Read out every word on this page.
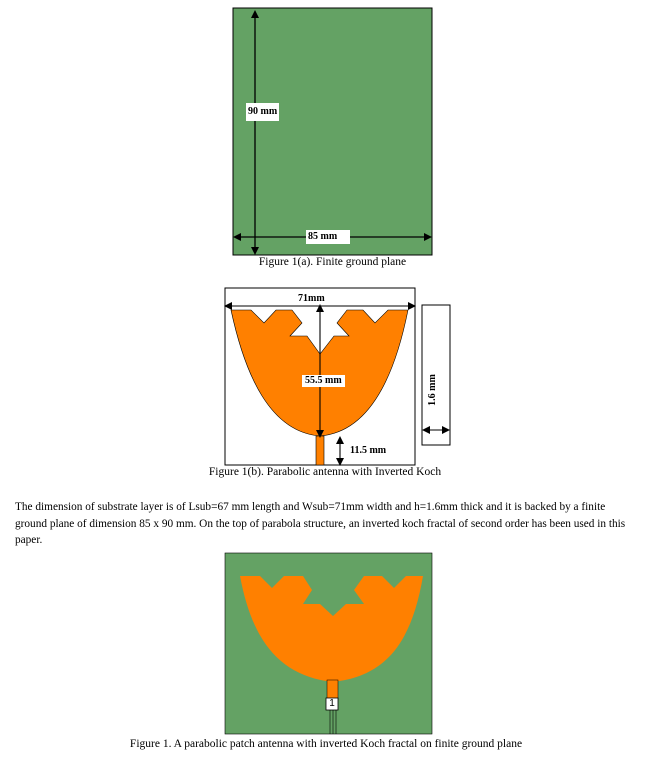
90 mm
85 mm
Figure 1(a). Finite ground plane
71mm
55.5 mm
11.5 mm
1.6 mm
Figure 1(b). Parabolic antenna with Inverted Koch

The dimension of substrate layer is of Lsub=67 mm length and Wsub=71mm width and h=1.6mm thick and it is backed by a finite ground plane of dimension 85 x 90 mm. On the top of parabola structure, an inverted koch fractal of second order has been used in this paper.

1
Figure 1. A parabolic patch antenna with inverted Koch fractal on finite ground plane
